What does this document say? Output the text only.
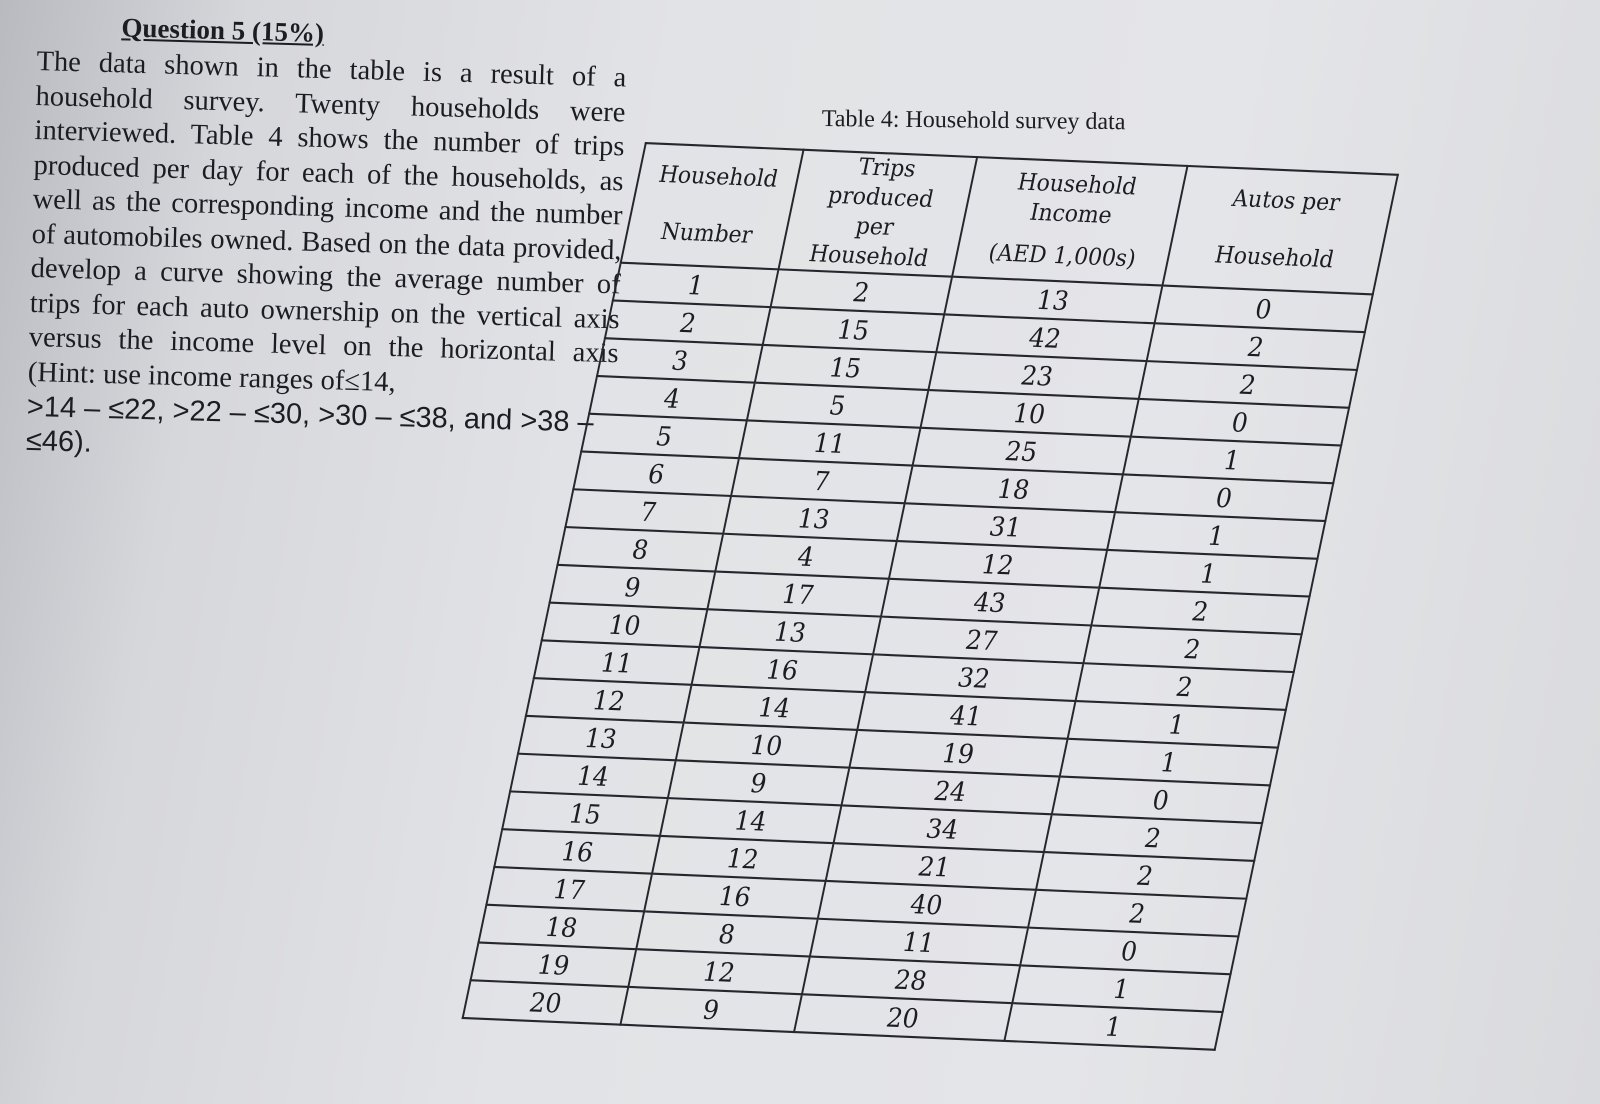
Question 5 (15%)

The data shown in the table is a result of a household survey. Twenty households were interviewed. Table 4 shows the number of trips produced per day for each of the households, as well as the corresponding income and the number of automobiles owned. Based on the data provided, develop a curve showing the average number of trips for each auto ownership on the vertical axis versus the income level on the horizontal axis (Hint: use income ranges of≤14,

>14 – ≤22, >22 – ≤30, >30 – ≤38, and >38 – ≤46).

Table 4: Household survey data
Household
Number	Trips
produced
per
Household	Household
Income
(AED 1,000s)	Autos per
Household

1	2	13	0
2	15	42	2
3	15	23	2
4	5	10	0
5	11	25	1
6	7	18	0
7	13	31	1
8	4	12	1
9	17	43	2
10	13	27	2
11	16	32	2
12	14	41	1
13	10	19	1
14	9	24	0
15	14	34	2
16	12	21	2
17	16	40	2
18	8	11	0
19	12	28	1
20	9	20	1
